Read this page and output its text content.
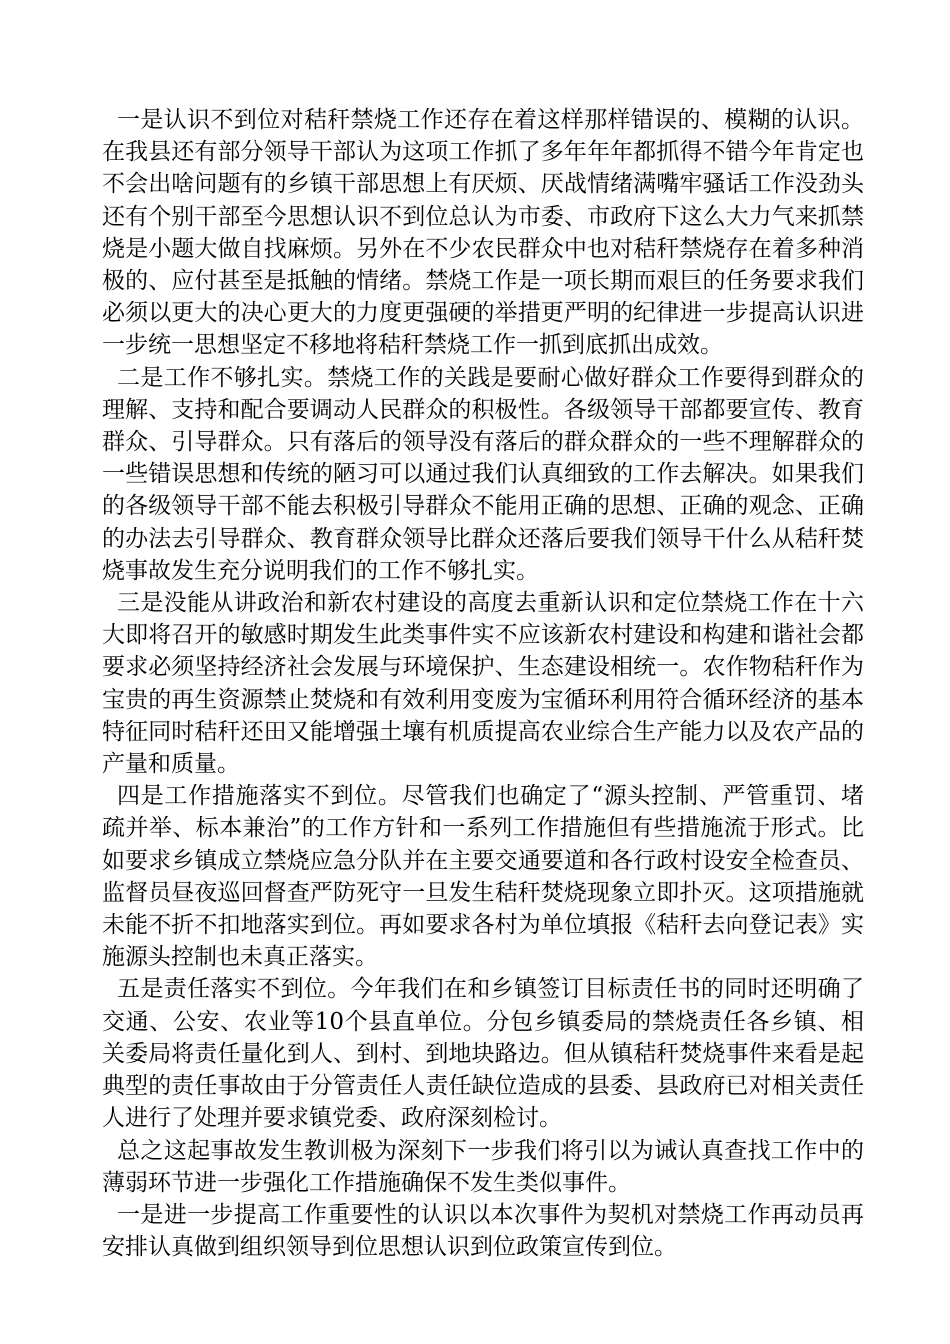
一是认识不到位对秸秆禁烧工作还存在着这样那样错误的、模糊的认识。在我县还有部分领导干部认为这项工作抓了多年年年都抓得不错今年肯定也不会出啥问题有的乡镇干部思想上有厌烦、厌战情绪满嘴牢骚话工作没劲头还有个别干部至今思想认识不到位总认为市委、市政府下这么大力气来抓禁烧是小题大做自找麻烦。另外在不少农民群众中也对秸秆禁烧存在着多种消极的、应付甚至是抵触的情绪。禁烧工作是一项长期而艰巨的任务要求我们必须以更大的决心更大的力度更强硬的举措更严明的纪律进一步提高认识进一步统一思想坚定不移地将秸秆禁烧工作一抓到底抓出成效。

二是工作不够扎实。禁烧工作的关践是要耐心做好群众工作要得到群众的理解、支持和配合要调动人民群众的积极性。各级领导干部都要宣传、教育群众、引导群众。只有落后的领导没有落后的群众群众的一些不理解群众的一些错误思想和传统的陋习可以通过我们认真细致的工作去解决。如果我们的各级领导干部不能去积极引导群众不能用正确的思想、正确的观念、正确的办法去引导群众、教育群众领导比群众还落后要我们领导干什么从秸秆焚烧事故发生充分说明我们的工作不够扎实。

三是没能从讲政治和新农村建设的高度去重新认识和定位禁烧工作在十六大即将召开的敏感时期发生此类事件实不应该新农村建设和构建和谐社会都要求必须坚持经济社会发展与环境保护、生态建设相统一。农作物秸秆作为宝贵的再生资源禁止焚烧和有效利用变废为宝循环利用符合循环经济的基本特征同时秸秆还田又能增强土壤有机质提高农业综合生产能力以及农产品的产量和质量。

四是工作措施落实不到位。尽管我们也确定了“源头控制、严管重罚、堵疏并举、标本兼治”的工作方针和一系列工作措施但有些措施流于形式。比如要求乡镇成立禁烧应急分队并在主要交通要道和各行政村设安全检查员、监督员昼夜巡回督查严防死守一旦发生秸秆焚烧现象立即扑灭。这项措施就未能不折不扣地落实到位。再如要求各村为单位填报《秸秆去向登记表》实施源头控制也未真正落实。

五是责任落实不到位。今年我们在和乡镇签订目标责任书的同时还明确了交通、公安、农业等10个县直单位。分包乡镇委局的禁烧责任各乡镇、相关委局将责任量化到人、到村、到地块路边。但从镇秸秆焚烧事件来看是起典型的责任事故由于分管责任人责任缺位造成的县委、县政府已对相关责任人进行了处理并要求镇党委、政府深刻检讨。

总之这起事故发生教训极为深刻下一步我们将引以为诫认真查找工作中的薄弱环节进一步强化工作措施确保不发生类似事件。

一是进一步提高工作重要性的认识以本次事件为契机对禁烧工作再动员再安排认真做到组织领导到位思想认识到位政策宣传到位。
